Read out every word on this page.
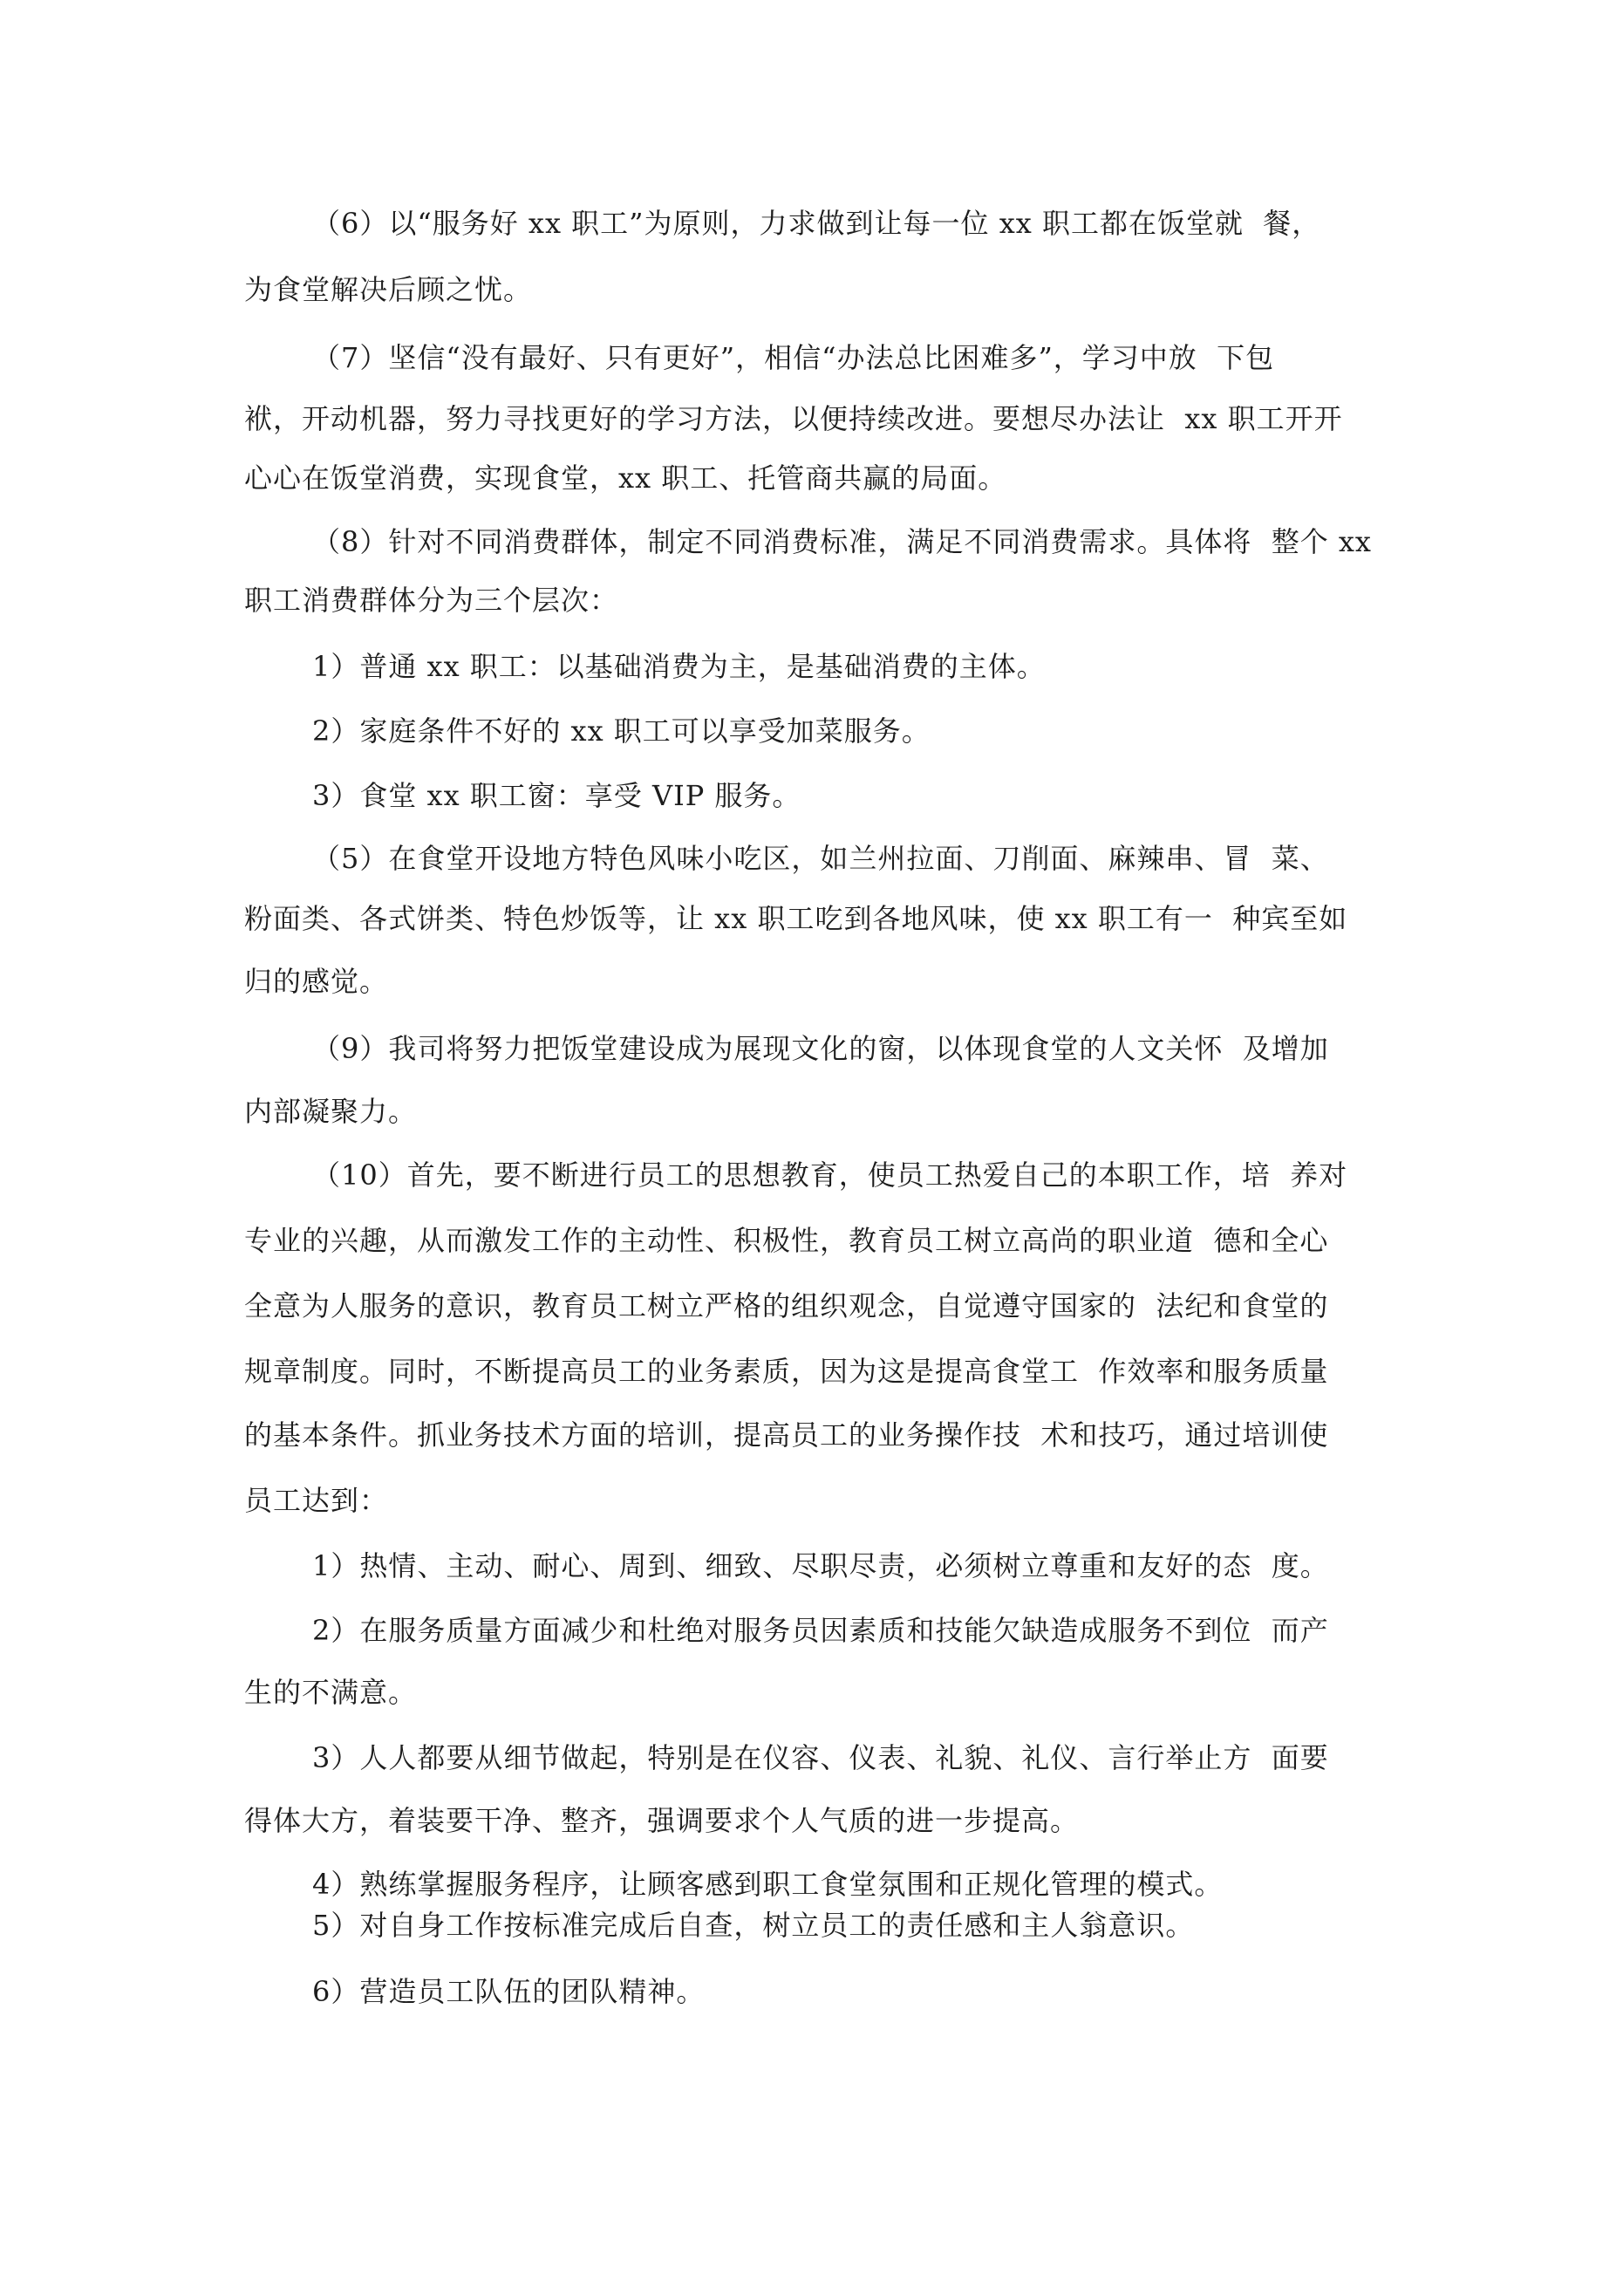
（6）以“服务好 xx 职工”为原则，力求做到让每一位 xx 职工都在饭堂就  餐，
为食堂解决后顾之忧。
（7）坚信“没有最好、只有更好”，相信“办法总比困难多”，学习中放  下包
袱，开动机器，努力寻找更好的学习方法，以便持续改进。要想尽办法让  xx 职工开开
心心在饭堂消费，实现食堂，xx 职工、托管商共赢的局面。
（8）针对不同消费群体，制定不同消费标准，满足不同消费需求。具体将  整个 xx
职工消费群体分为三个层次：
1）普通 xx 职工：以基础消费为主，是基础消费的主体。
2）家庭条件不好的 xx 职工可以享受加菜服务。
3）食堂 xx 职工窗：享受 VIP 服务。
（5）在食堂开设地方特色风味小吃区，如兰州拉面、刀削面、麻辣串、冒  菜、
粉面类、各式饼类、特色炒饭等，让 xx 职工吃到各地风味，使 xx 职工有一  种宾至如
归的感觉。
（9）我司将努力把饭堂建设成为展现文化的窗，以体现食堂的人文关怀  及增加
内部凝聚力。
（10）首先，要不断进行员工的思想教育，使员工热爱自己的本职工作，培  养对
专业的兴趣，从而激发工作的主动性、积极性，教育员工树立高尚的职业道  德和全心
全意为人服务的意识，教育员工树立严格的组织观念，自觉遵守国家的  法纪和食堂的
规章制度。同时，不断提高员工的业务素质，因为这是提高食堂工  作效率和服务质量
的基本条件。抓业务技术方面的培训，提高员工的业务操作技  术和技巧，通过培训使
员工达到：
1）热情、主动、耐心、周到、细致、尽职尽责，必须树立尊重和友好的态  度。
2）在服务质量方面减少和杜绝对服务员因素质和技能欠缺造成服务不到位  而产
生的不满意。
3）人人都要从细节做起，特别是在仪容、仪表、礼貌、礼仪、言行举止方  面要
得体大方，着装要干净、整齐，强调要求个人气质的进一步提高。
4）熟练掌握服务程序，让顾客感到职工食堂氛围和正规化管理的模式。
5）对自身工作按标准完成后自查，树立员工的责任感和主人翁意识。
6）营造员工队伍的团队精神。
